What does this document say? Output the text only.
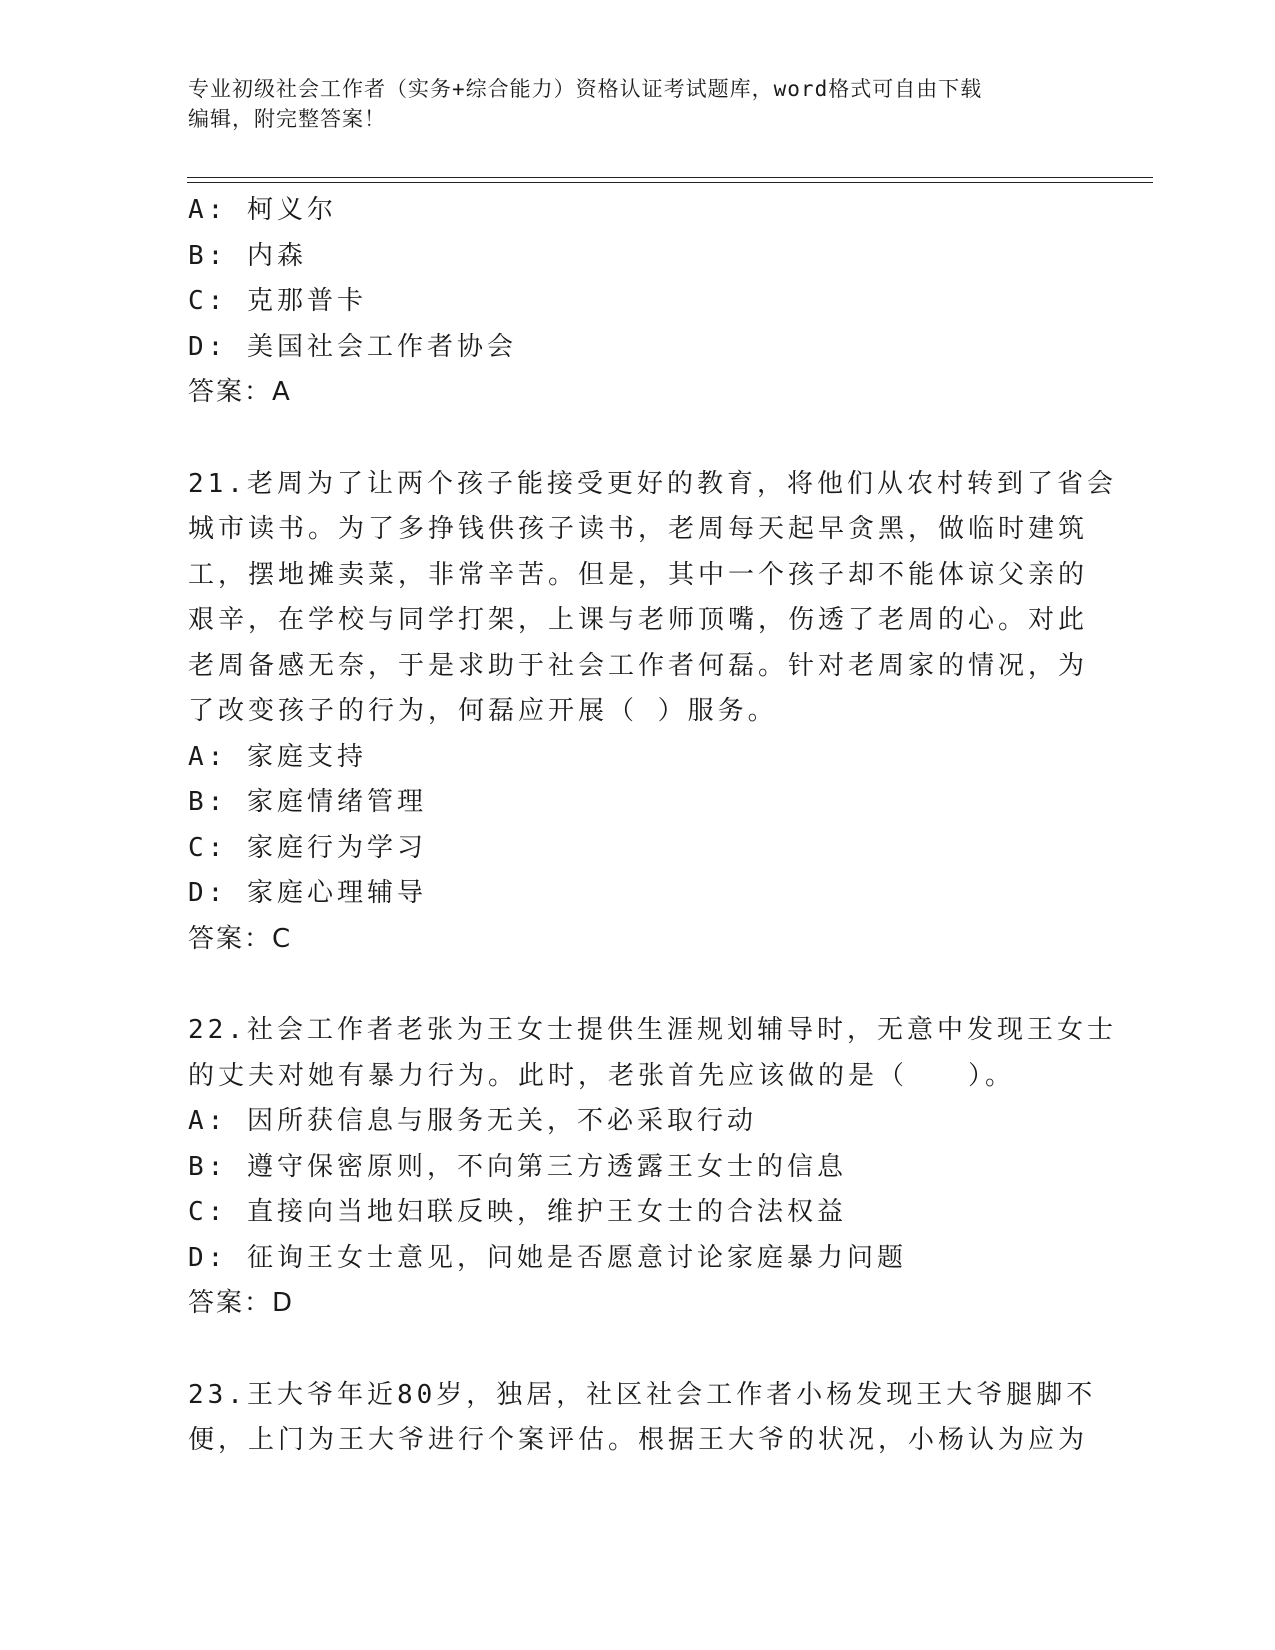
专业初级社会工作者（实务+综合能力）资格认证考试题库，word格式可自由下载
编辑，附完整答案！
A: 柯义尔
B: 内森
C: 克那普卡
D: 美国社会工作者协会
答案：A
21.老周为了让两个孩子能接受更好的教育，将他们从农村转到了省会
城市读书。为了多挣钱供孩子读书，老周每天起早贪黑，做临时建筑
工，摆地摊卖菜，非常辛苦。但是，其中一个孩子却不能体谅父亲的
艰辛，在学校与同学打架，上课与老师顶嘴，伤透了老周的心。对此
老周备感无奈，于是求助于社会工作者何磊。针对老周家的情况，为
了改变孩子的行为，何磊应开展（ ）服务。
A: 家庭支持
B: 家庭情绪管理
C: 家庭行为学习
D: 家庭心理辅导
答案：C
22.社会工作者老张为王女士提供生涯规划辅导时，无意中发现王女士
的丈夫对她有暴力行为。此时，老张首先应该做的是（　　）。
A: 因所获信息与服务无关，不必采取行动
B: 遵守保密原则，不向第三方透露王女士的信息
C: 直接向当地妇联反映，维护王女士的合法权益
D: 征询王女士意见，问她是否愿意讨论家庭暴力问题
答案：D
23.王大爷年近80岁，独居，社区社会工作者小杨发现王大爷腿脚不
便，上门为王大爷进行个案评估。根据王大爷的状况，小杨认为应为
